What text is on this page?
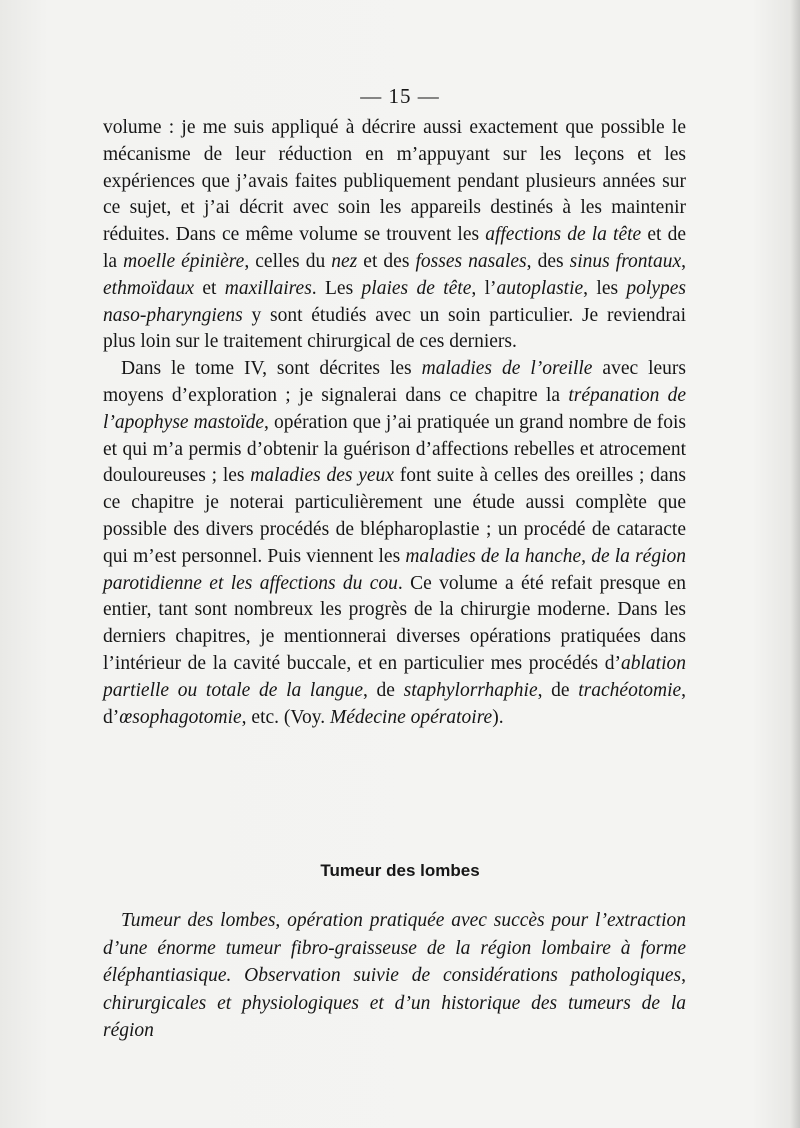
— 15 —

volume : je me suis appliqué à décrire aussi exactement que possible le mécanisme de leur réduction en m’appuyant sur les leçons et les expériences que j’avais faites publiquement pendant plusieurs années sur ce sujet, et j’ai décrit avec soin les appareils destinés à les maintenir réduites. Dans ce même volume se trouvent les affections de la tête et de la moelle épinière, celles du nez et des fosses nasales, des sinus frontaux, ethmoïdaux et maxillaires. Les plaies de tête, l’autoplastie, les polypes naso-pharyngiens y sont étudiés avec un soin particulier. Je reviendrai plus loin sur le traitement chirurgical de ces derniers.

Dans le tome IV, sont décrites les maladies de l’oreille avec leurs moyens d’exploration ; je signalerai dans ce chapitre la trépanation de l’apophyse mastoïde, opération que j’ai pratiquée un grand nombre de fois et qui m’a permis d’obtenir la guérison d’affections rebelles et atrocement douloureuses ; les maladies des yeux font suite à celles des oreilles ; dans ce chapitre je noterai particulièrement une étude aussi complète que possible des divers procédés de blépharoplastie ; un procédé de cataracte qui m’est personnel. Puis viennent les maladies de la hanche, de la région parotidienne et les affections du cou. Ce volume a été refait presque en entier, tant sont nombreux les progrès de la chirurgie moderne. Dans les derniers chapitres, je mentionnerai diverses opérations pratiquées dans l’intérieur de la cavité buccale, et en particulier mes procédés d’ablation partielle ou totale de la langue, de staphylorrhaphie, de trachéotomie, d’œsophagotomie, etc. (Voy. Médecine opératoire).

Tumeur des lombes

Tumeur des lombes, opération pratiquée avec succès pour l’extraction d’une énorme tumeur fibro-graisseuse de la région lombaire à forme éléphantiasique. Observation suivie de considérations pathologiques, chirurgicales et physiologiques et d’un historique des tumeurs de la région
